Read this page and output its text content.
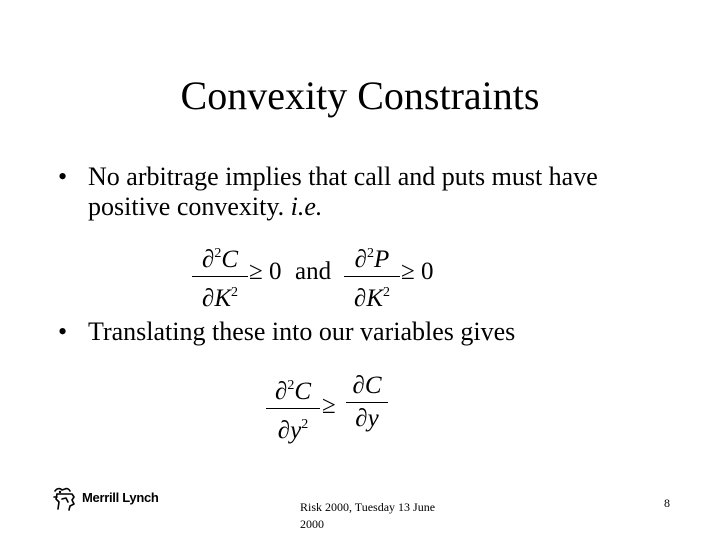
Convexity Constraints
• No arbitrage implies that call and puts must have positive convexity. i.e.
∂$^2$C
$\partial K^2$
≥ 0 and ∂$^2$P
$\partial K^2$
≥ 0
• Translating these into our variables gives
∂$^2$C
$\partial y^2$
≥
∂C
∂y
Merrill Lynch
Risk 2000, Tuesday 13 June 2000
8
